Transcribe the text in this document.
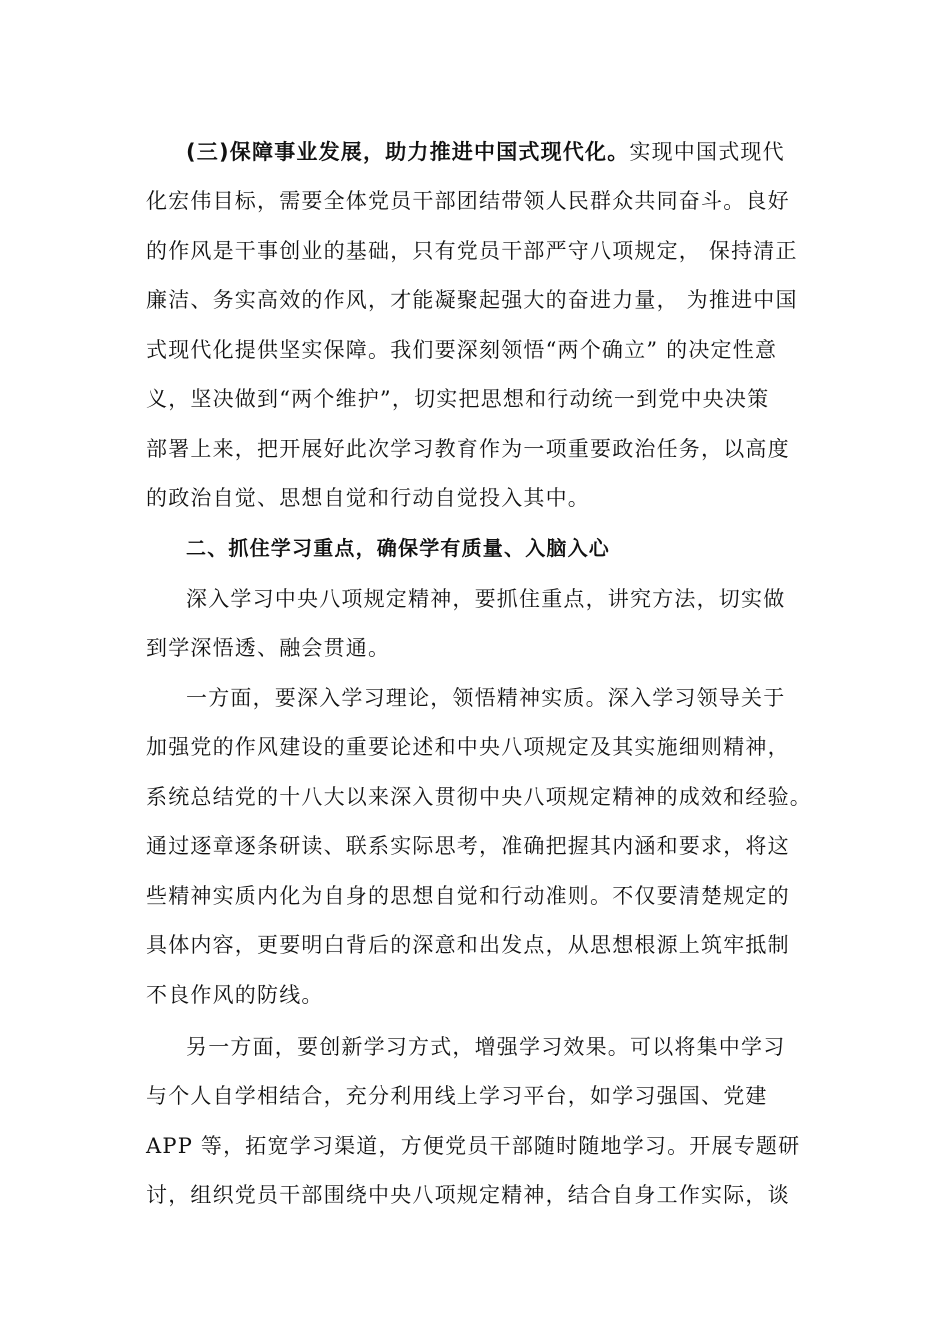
(三)保障事业发展，助力推进中国式现代化。实现中国式现代
化宏伟目标，需要全体党员干部团结带领人民群众共同奋斗。良好
的作风是干事创业的基础，只有党员干部严守八项规定， 保持清正
廉洁、务实高效的作风，才能凝聚起强大的奋进力量， 为推进中国
式现代化提供坚实保障。我们要深刻领悟“两个确立” 的决定性意
义，坚决做到“两个维护”，切实把思想和行动统一到党中央决策
部署上来，把开展好此次学习教育作为一项重要政治任务，以高度
的政治自觉、思想自觉和行动自觉投入其中。
二、抓住学习重点，确保学有质量、入脑入心
深入学习中央八项规定精神，要抓住重点，讲究方法，切实做
到学深悟透、融会贯通。
一方面，要深入学习理论，领悟精神实质。深入学习领导关于
加强党的作风建设的重要论述和中央八项规定及其实施细则精神，
系统总结党的十八大以来深入贯彻中央八项规定精神的成效和经验。
通过逐章逐条研读、联系实际思考，准确把握其内涵和要求，将这
些精神实质内化为自身的思想自觉和行动准则。不仅要清楚规定的
具体内容，更要明白背后的深意和出发点，从思想根源上筑牢抵制
不良作风的防线。
另一方面，要创新学习方式，增强学习效果。可以将集中学习
与个人自学相结合，充分利用线上学习平台，如学习强国、党建
APP 等，拓宽学习渠道，方便党员干部随时随地学习。开展专题研
讨，组织党员干部围绕中央八项规定精神，结合自身工作实际，谈
